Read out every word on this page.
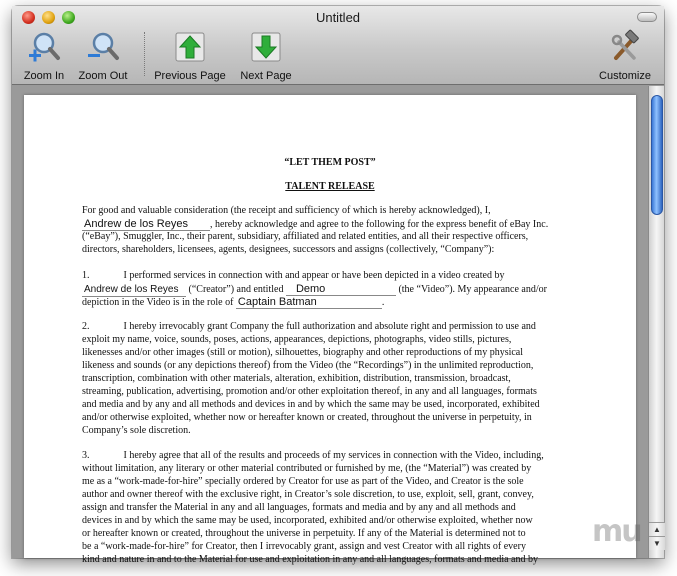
Untitled
Zoom In	Zoom Out	Previous Page	Next Page	Customize
“LET THEM POST”
TALENT RELEASE
For good and valuable consideration (the receipt and sufficiency of which is hereby acknowledged), I,
Andrew de los Reyes , hereby acknowledge and agree to the following for the express benefit of eBay Inc.
(“eBay”), Smuggler, Inc., their parent, subsidiary, affiliated and related entities, and all their respective officers,
directors, shareholders, licensees, agents, designees, successors and assigns (collectively, “Company”):
1.	I performed services in connection with and appear or have been depicted in a video created by
Andrew de los Reyes (“Creator”) and entitled Demo	(the “Video”). My appearance and/or
depiction in the Video is in the role of Captain Batman	.
2.	I hereby irrevocably grant Company the full authorization and absolute right and permission to use and
exploit my name, voice, sounds, poses, actions, appearances, depictions, photographs, video stills, pictures,
likenesses and/or other images (still or motion), silhouettes, biography and other reproductions of my physical
likeness and sounds (or any depictions thereof) from the Video (the “Recordings”) in the unlimited reproduction,
transcription, combination with other materials, alteration, exhibition, distribution, transmission, broadcast,
streaming, publication, advertising, promotion and/or other exploitation thereof, in any and all languages, formats
and media and by any and all methods and devices in and by which the same may be used, incorporated, exhibited
and/or otherwise exploited, whether now or hereafter known or created, throughout the universe in perpetuity, in
Company’s sole discretion.
3.	I hereby agree that all of the results and proceeds of my services in connection with the Video, including,
without limitation, any literary or other material contributed or furnished by me, (the “Material”) was created by
me as a “work-made-for-hire” specially ordered by Creator for use as part of the Video, and Creator is the sole
author and owner thereof with the exclusive right, in Creator’s sole discretion, to use, exploit, sell, grant, convey,
assign and transfer the Material in any and all languages, formats and media and by any and all methods and
devices in and by which the same may be used, incorporated, exhibited and/or otherwise exploited, whether now
or hereafter known or created, throughout the universe in perpetuity. If any of the Material is determined not to
be a “work-made-for-hire” for Creator, then I irrevocably grant, assign and vest Creator with all rights of every
kind and nature in and to the Material for use and exploitation in any and all languages, formats and media and by
▲
▼
mu
